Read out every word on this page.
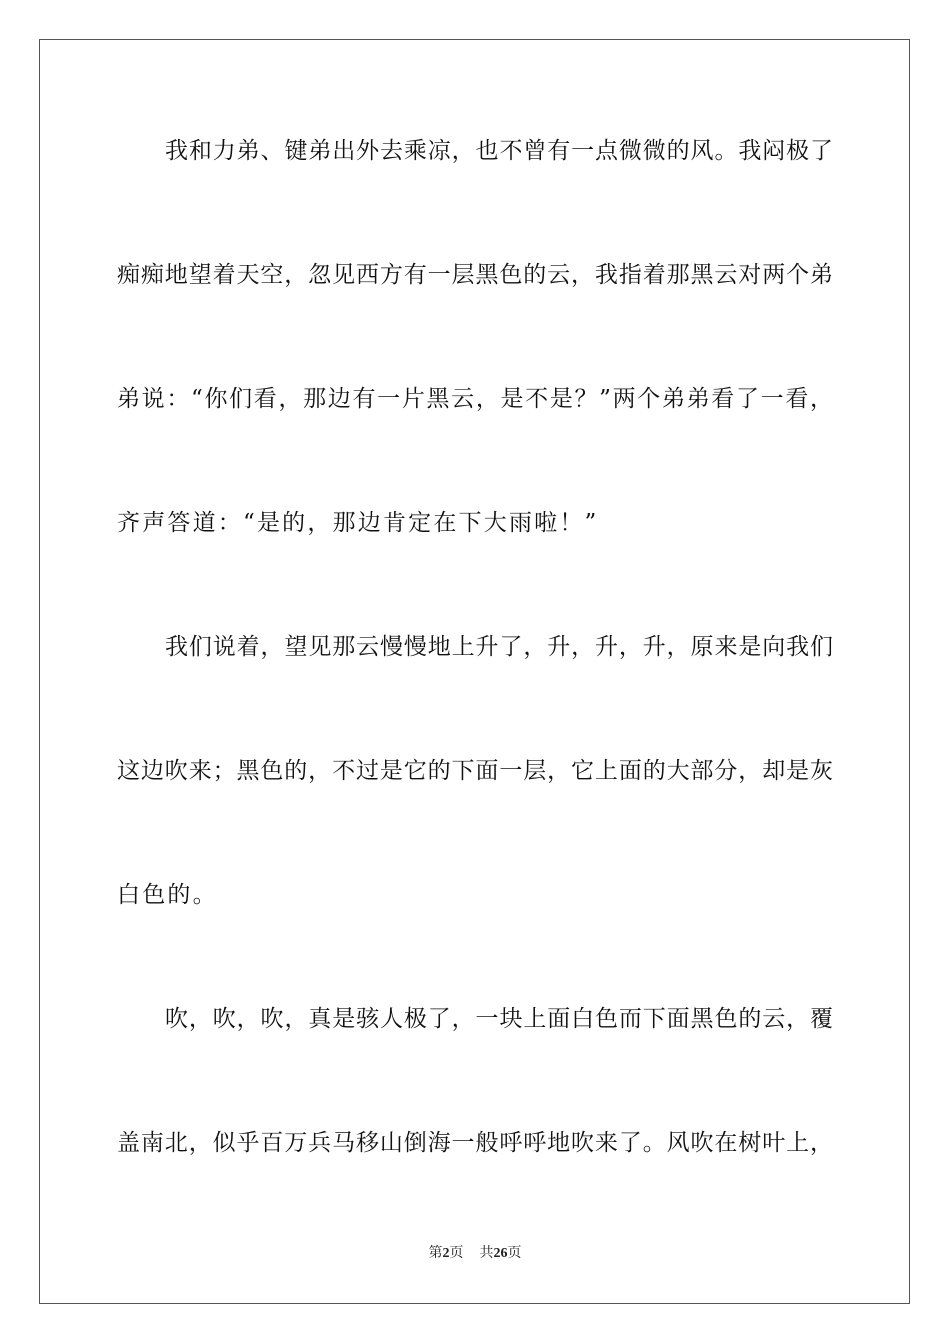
我和力弟、键弟出外去乘凉，也不曾有一点微微的风。我闷极了
痴痴地望着天空，忽见西方有一层黑色的云，我指着那黑云对两个弟
弟说：“你们看，那边有一片黑云，是不是？”两个弟弟看了一看，
齐声答道：“是的，那边肯定在下大雨啦！”
我们说着，望见那云慢慢地上升了，升，升，升，原来是向我们
这边吹来；黑色的，不过是它的下面一层，它上面的大部分，却是灰
白色的。
吹，吹，吹，真是骇人极了，一块上面白色而下面黑色的云，覆
盖南北，似乎百万兵马移山倒海一般呼呼地吹来了。风吹在树叶上，
第2页 共26页
